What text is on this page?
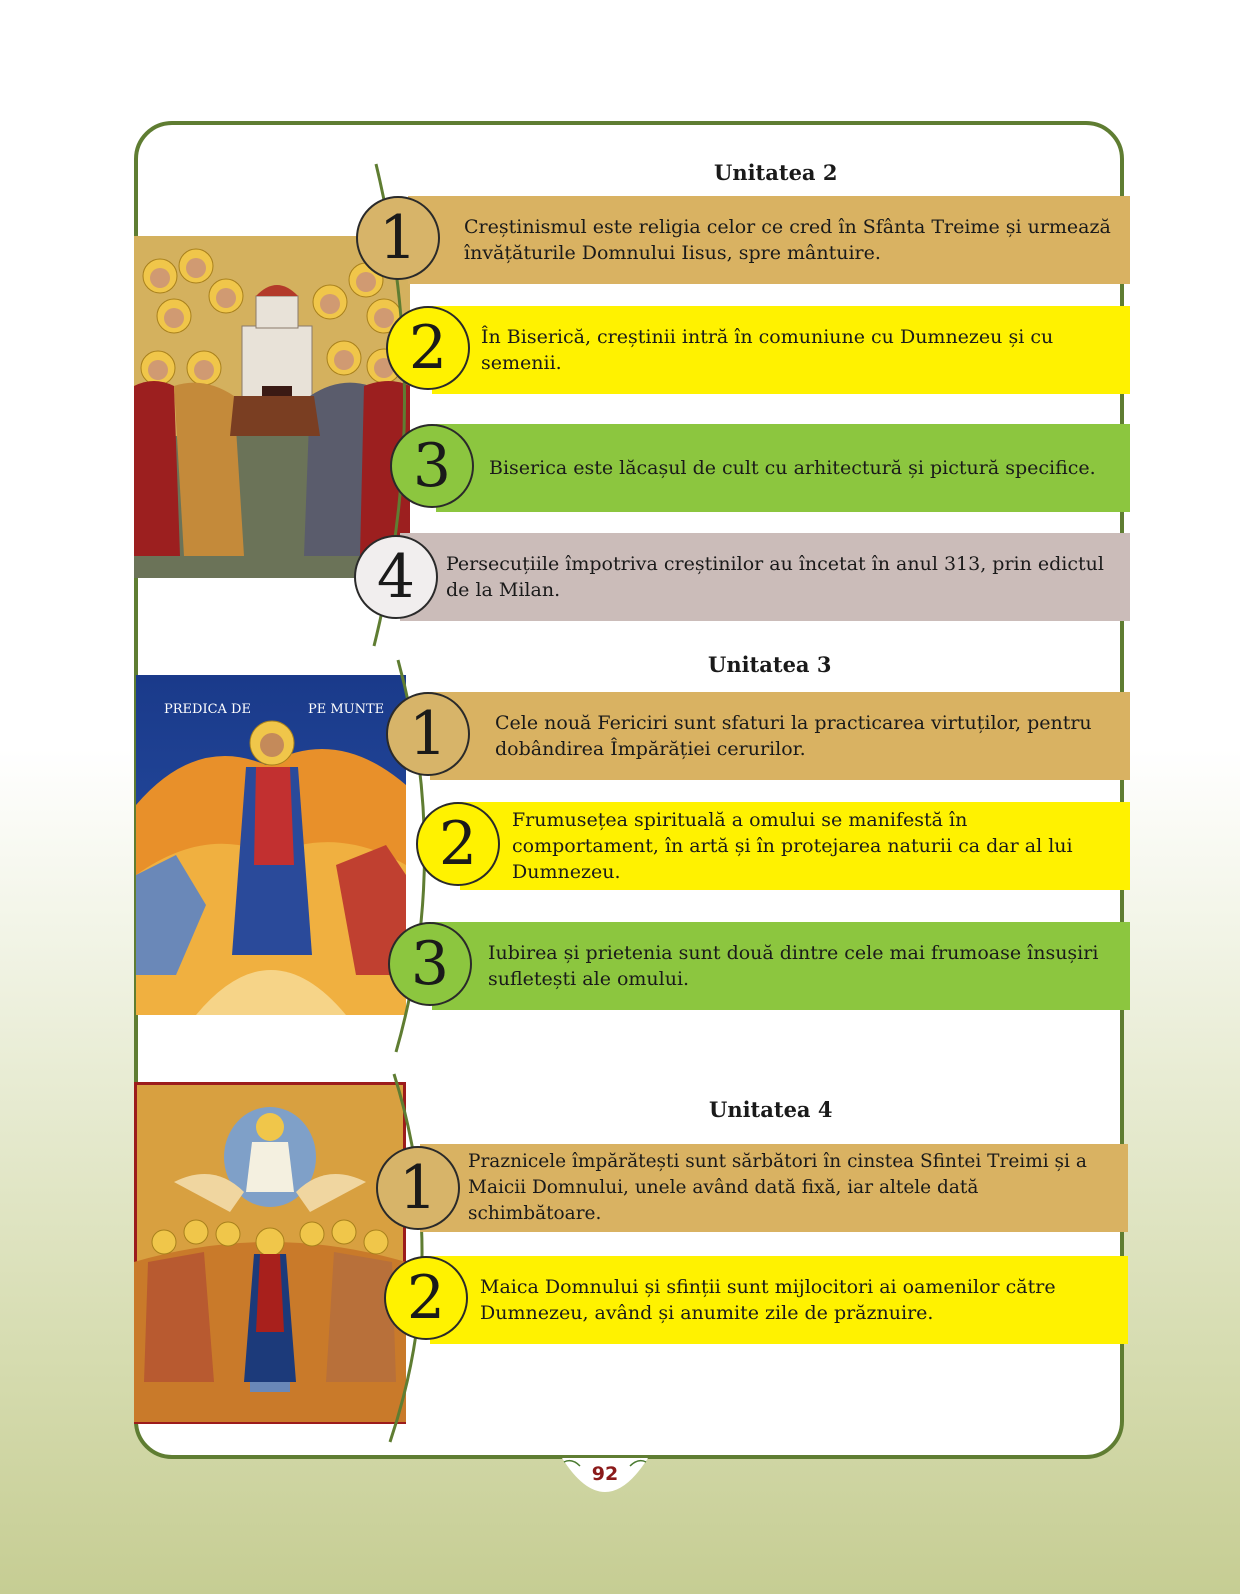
Unitatea 2
Creștinismul este religia celor ce cred în Sfânta Treime și urmează învățăturile Domnului Iisus, spre mântuire.
1
În Biserică, creștinii intră în comuniune cu Dumnezeu și cu semenii.
2
Biserica este lăcașul de cult cu arhitectură și pictură specifice.
3
Persecuțiile împotriva creștinilor au încetat în anul 313, prin edictul de la Milan.
4
Unitatea 3
PREDICA DE	PE MUNTE
Cele nouă Fericiri sunt sfaturi la practicarea virtuților, pentru dobândirea Împărăției cerurilor.
1
Frumusețea spirituală a omului se manifestă în comportament, în artă și în protejarea naturii ca dar al lui Dumnezeu.
2
Iubirea și prietenia sunt două dintre cele mai frumoase însușiri sufletești ale omului.
3
Unitatea 4
Praznicele împărătești sunt sărbători în cinstea Sfintei Treimi și a Maicii Domnului, unele având dată fixă, iar altele dată schimbătoare.
1
Maica Domnului și sfinții sunt mijlocitori ai oamenilor către Dumnezeu, având și anumite zile de prăznuire.
2
92
